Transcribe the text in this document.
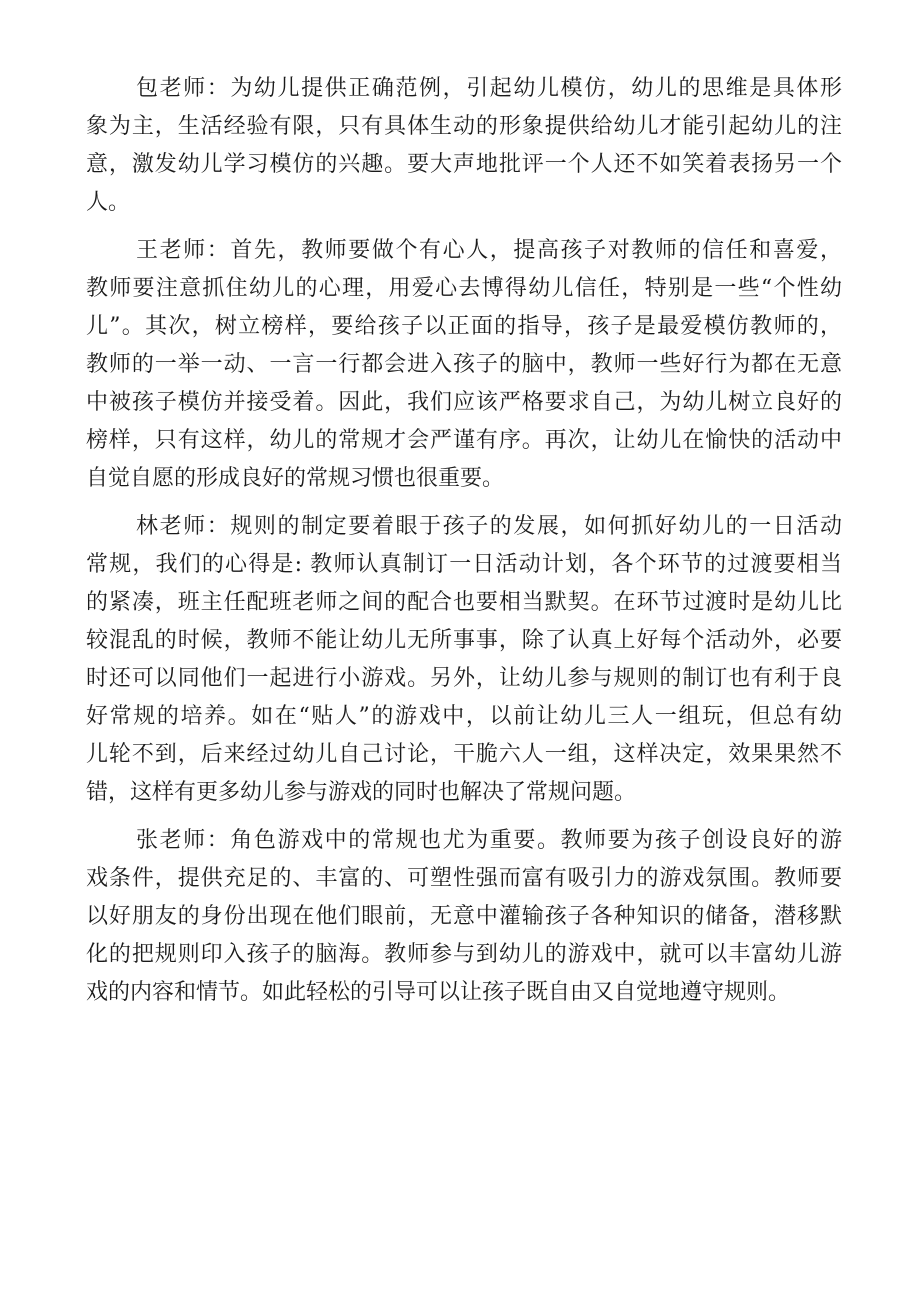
包老师：为幼儿提供正确范例，引起幼儿模仿，幼儿的思维是具体形
象为主，生活经验有限，只有具体生动的形象提供给幼儿才能引起幼儿的注
意，激发幼儿学习模仿的兴趣。要大声地批评一个人还不如笑着表扬另一个
人。

王老师：首先，教师要做个有心人，提高孩子对教师的信任和喜爱，
教师要注意抓住幼儿的心理，用爱心去博得幼儿信任，特别是一些“个性幼
儿”。其次，树立榜样，要给孩子以正面的指导，孩子是最爱模仿教师的，
教师的一举一动、一言一行都会进入孩子的脑中，教师一些好行为都在无意
中被孩子模仿并接受着。因此，我们应该严格要求自己，为幼儿树立良好的
榜样，只有这样，幼儿的常规才会严谨有序。再次，让幼儿在愉快的活动中
自觉自愿的形成良好的常规习惯也很重要。

林老师：规则的制定要着眼于孩子的发展，如何抓好幼儿的一日活动
常规，我们的心得是: 教师认真制订一日活动计划，各个环节的过渡要相当
的紧凑，班主任配班老师之间的配合也要相当默契。在环节过渡时是幼儿比
较混乱的时候，教师不能让幼儿无所事事，除了认真上好每个活动外，必要
时还可以同他们一起进行小游戏。另外，让幼儿参与规则的制订也有利于良
好常规的培养。如在“贴人”的游戏中，以前让幼儿三人一组玩，但总有幼
儿轮不到，后来经过幼儿自己讨论，干脆六人一组，这样决定，效果果然不
错，这样有更多幼儿参与游戏的同时也解决了常规问题。

张老师：角色游戏中的常规也尤为重要。教师要为孩子创设良好的游
戏条件，提供充足的、丰富的、可塑性强而富有吸引力的游戏氛围。教师要
以好朋友的身份出现在他们眼前，无意中灌输孩子各种知识的储备，潜移默
化的把规则印入孩子的脑海。教师参与到幼儿的游戏中，就可以丰富幼儿游
戏的内容和情节。如此轻松的引导可以让孩子既自由又自觉地遵守规则。
